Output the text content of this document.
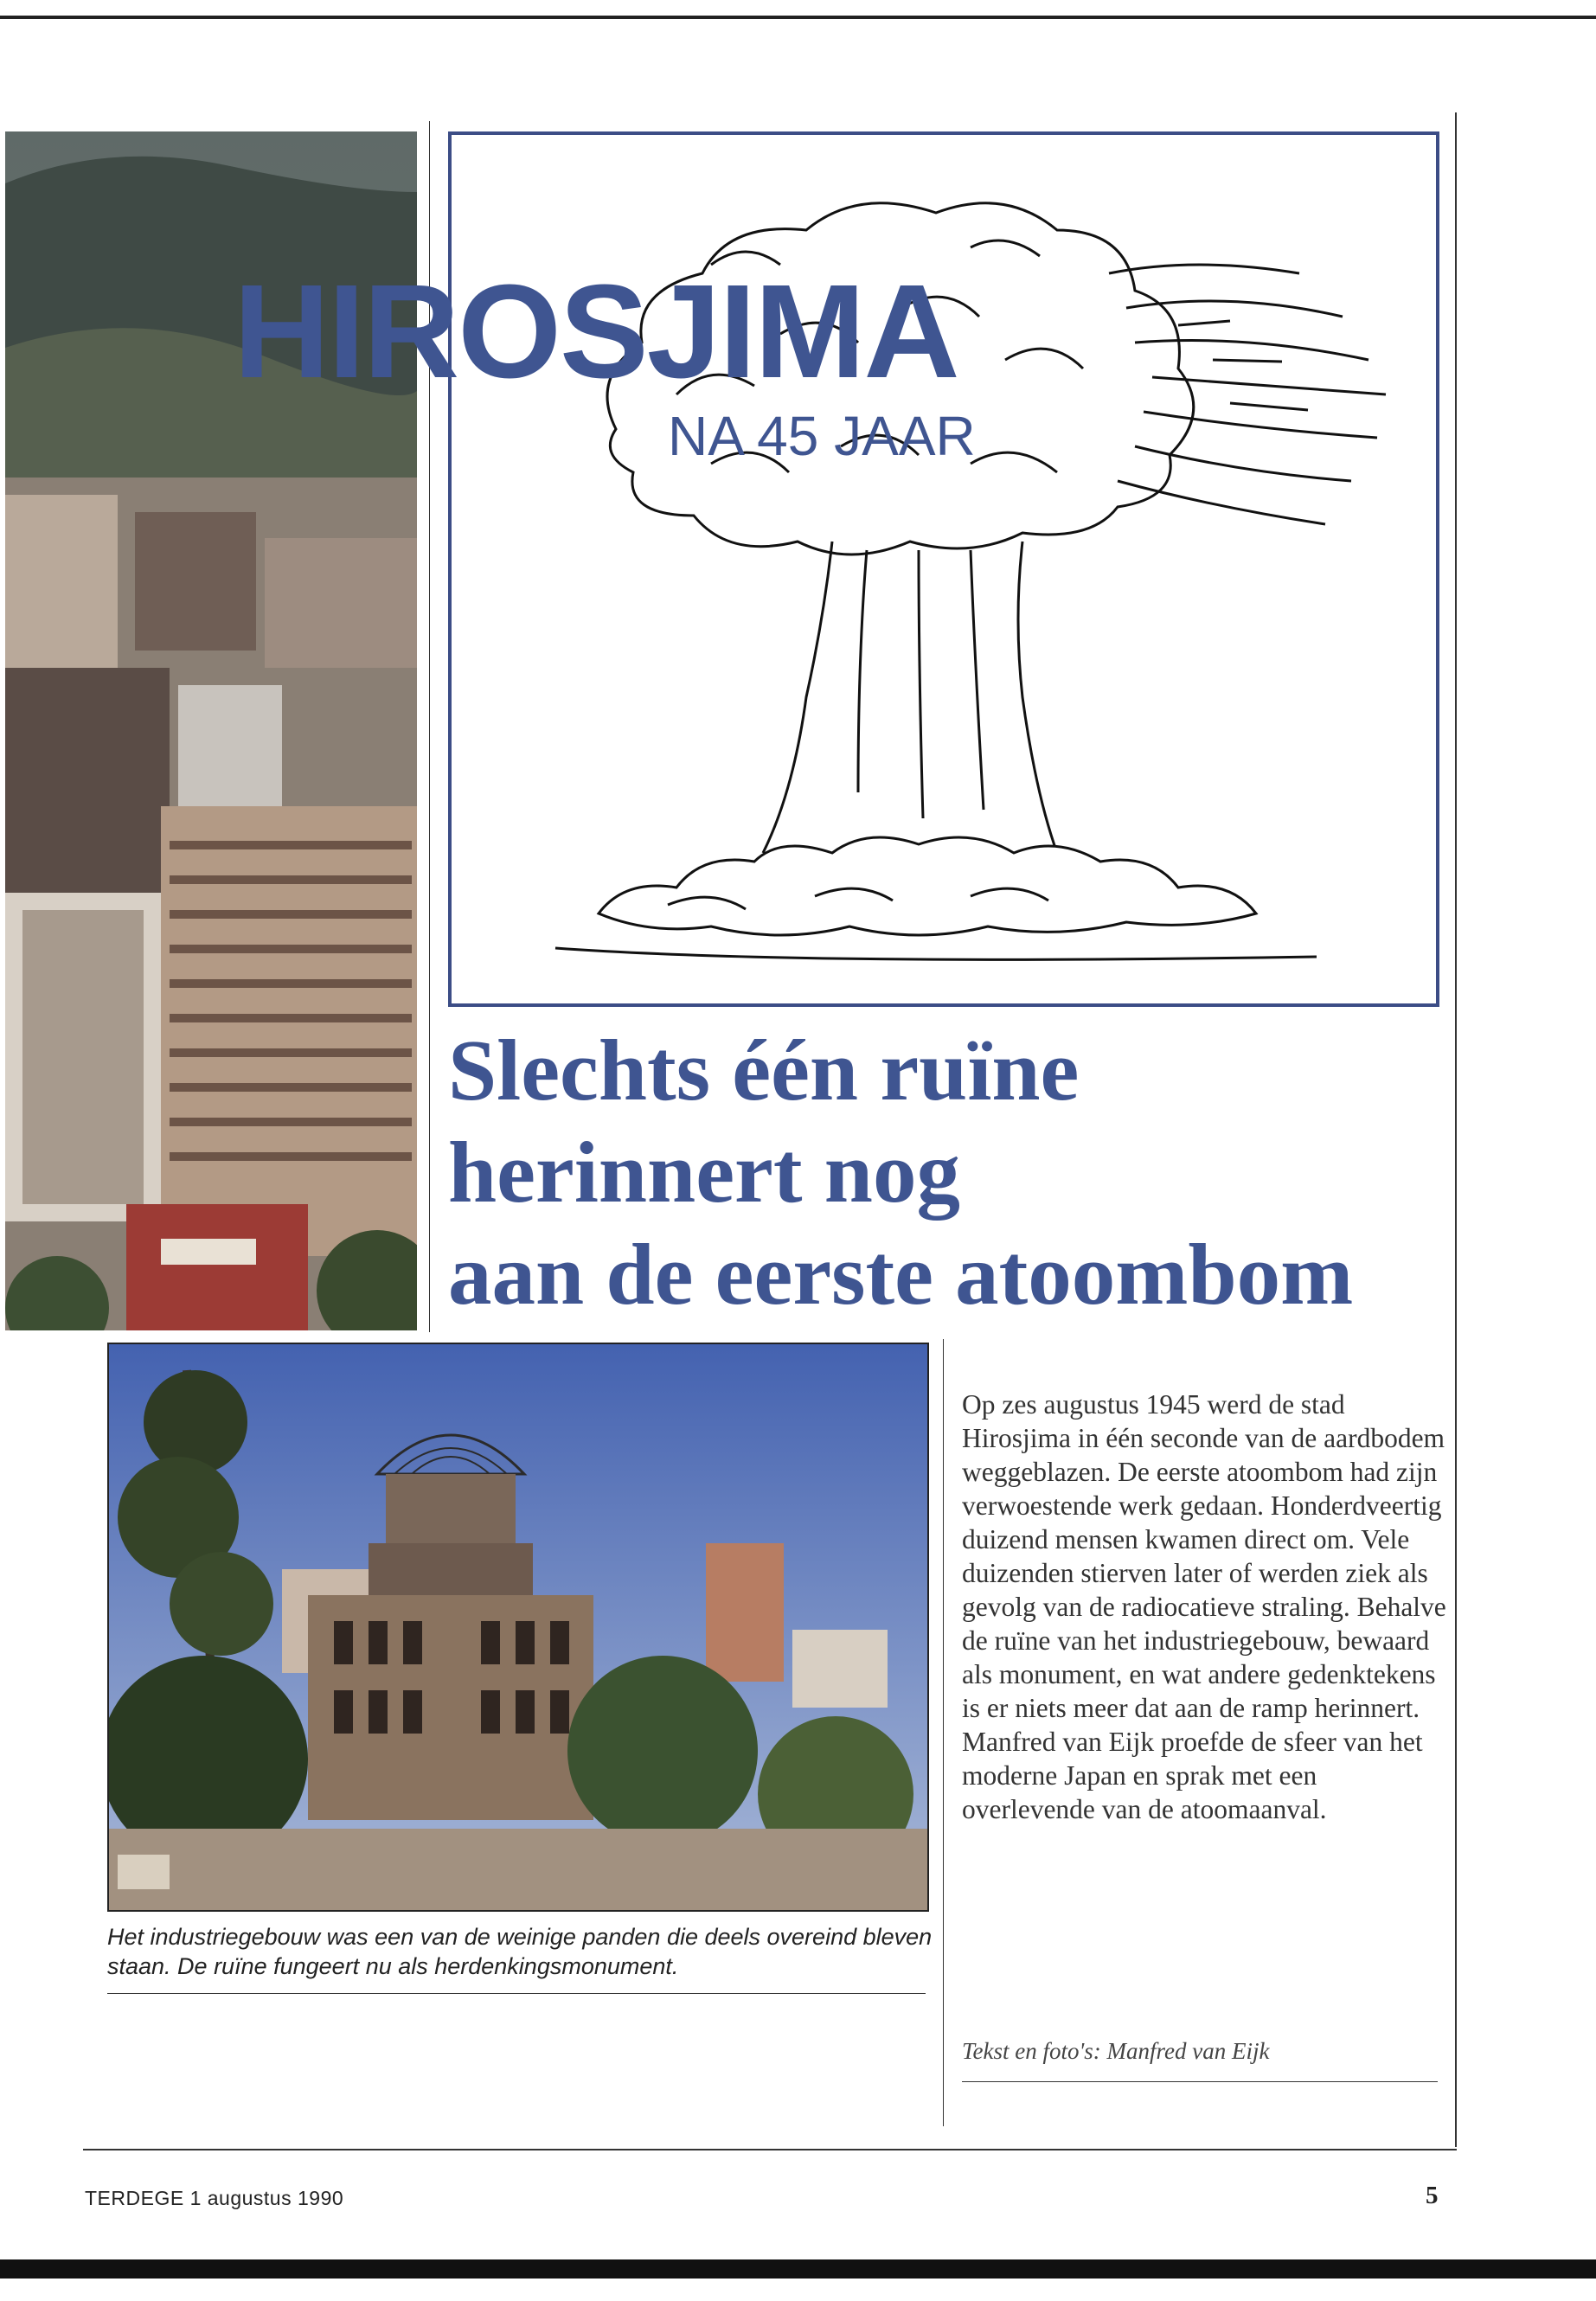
HIROSJIMA
NA 45 JAAR
Slechts één ruïne
herinnert nog
aan de eerste atoombom
Het industriegebouw was een van de weinige panden die deels overeind bleven staan. De ruïne fungeert nu als herdenkingsmonument.
Op zes augustus 1945 werd de stad Hirosjima in één seconde van de aardbodem weggeblazen. De eerste atoombom had zijn verwoestende werk gedaan. Honderdveertig duizend mensen kwamen direct om. Vele duizenden stierven later of werden ziek als gevolg van de radiocatieve straling. Behalve de ruïne van het industriegebouw, bewaard als monument, en wat andere gedenktekens is er niets meer dat aan de ramp herinnert. Manfred van Eijk proefde de sfeer van het moderne Japan en sprak met een overlevende van de atoomaanval.
Tekst en foto's: Manfred van Eijk
TERDEGE 1 augustus 1990	5
